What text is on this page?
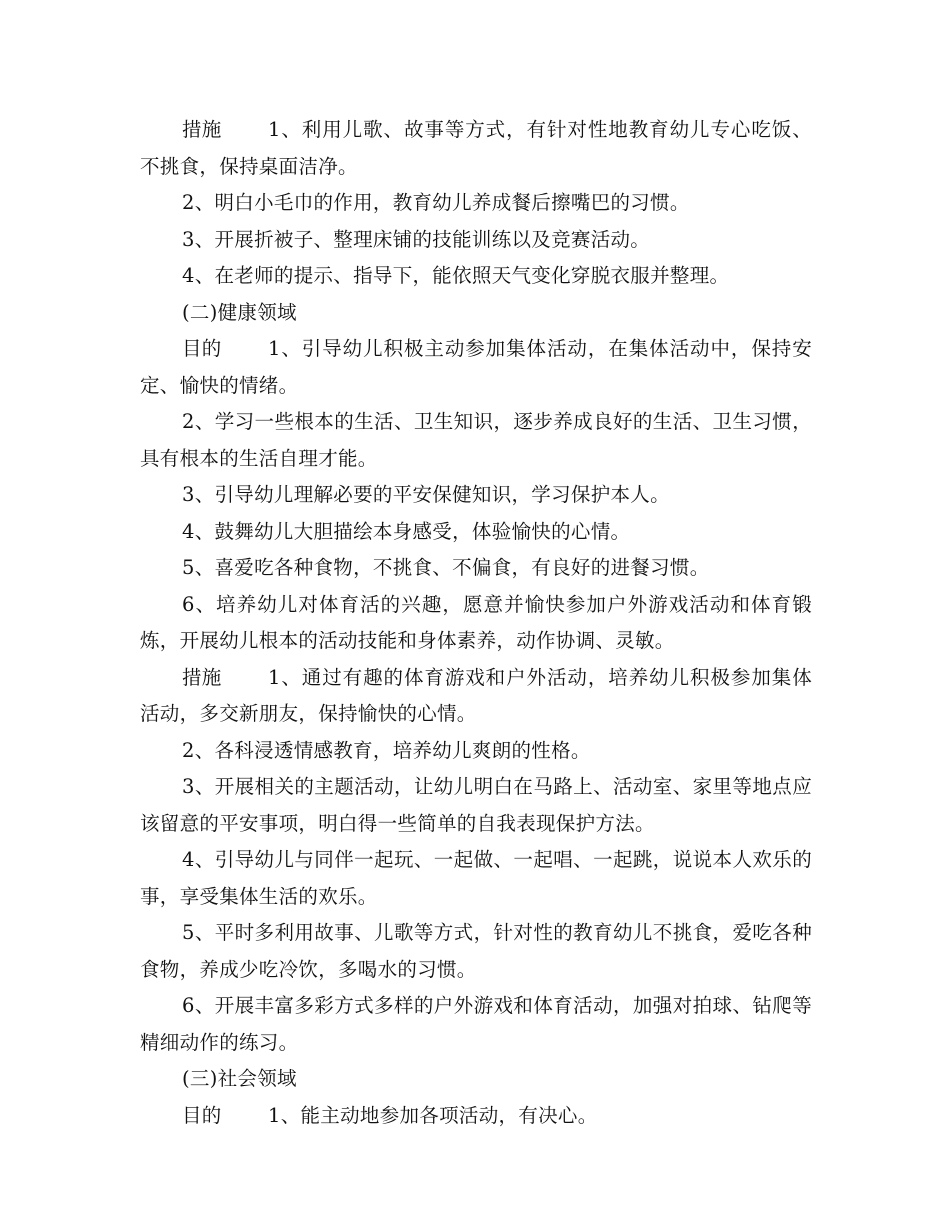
措施 1、利用儿歌、故事等方式，有针对性地教育幼儿专心吃饭、不挑食，保持桌面洁净。

2、明白小毛巾的作用，教育幼儿养成餐后擦嘴巴的习惯。

3、开展折被子、整理床铺的技能训练以及竞赛活动。

4、在老师的提示、指导下，能依照天气变化穿脱衣服并整理。

(二)健康领域

目的 1、引导幼儿积极主动参加集体活动，在集体活动中，保持安定、愉快的情绪。

2、学习一些根本的生活、卫生知识，逐步养成良好的生活、卫生习惯，具有根本的生活自理才能。

3、引导幼儿理解必要的平安保健知识，学习保护本人。

4、鼓舞幼儿大胆描绘本身感受，体验愉快的心情。

5、喜爱吃各种食物，不挑食、不偏食，有良好的进餐习惯。

6、培养幼儿对体育活的兴趣，愿意并愉快参加户外游戏活动和体育锻炼，开展幼儿根本的活动技能和身体素养，动作协调、灵敏。

措施 1、通过有趣的体育游戏和户外活动，培养幼儿积极参加集体活动，多交新朋友，保持愉快的心情。

2、各科浸透情感教育，培养幼儿爽朗的性格。

3、开展相关的主题活动，让幼儿明白在马路上、活动室、家里等地点应该留意的平安事项，明白得一些简单的自我表现保护方法。

4、引导幼儿与同伴一起玩、一起做、一起唱、一起跳，说说本人欢乐的事，享受集体生活的欢乐。

5、平时多利用故事、儿歌等方式，针对性的教育幼儿不挑食，爱吃各种食物，养成少吃冷饮，多喝水的习惯。

6、开展丰富多彩方式多样的户外游戏和体育活动，加强对拍球、钻爬等精细动作的练习。

(三)社会领域

目的 1、能主动地参加各项活动，有决心。
